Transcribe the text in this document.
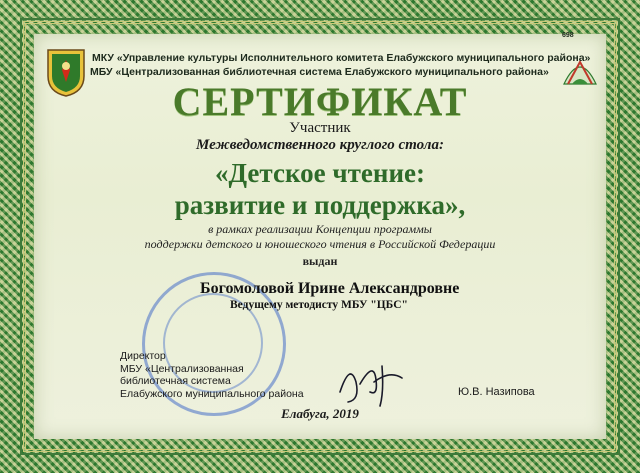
698
МКУ «Управление культуры Исполнительного комитета Елабужского муниципального района»
МБУ «Централизованная библиотечная система Елабужского муниципального района»
СЕРТИФИКАТ
Участник
Межведомственного круглого стола:
«Детское чтение:
развитие и поддержка»,
в рамках реализации Концепции программы
поддержки детского и юношеского чтения в Российской Федерации
выдан
Богомоловой Ирине Александровне
Ведущему методисту МБУ "ЦБС"
Директор
МБУ «Централизованная
библиотечная система
Елабужского муниципального района	Ю.В. Назипова
Елабуга, 2019
